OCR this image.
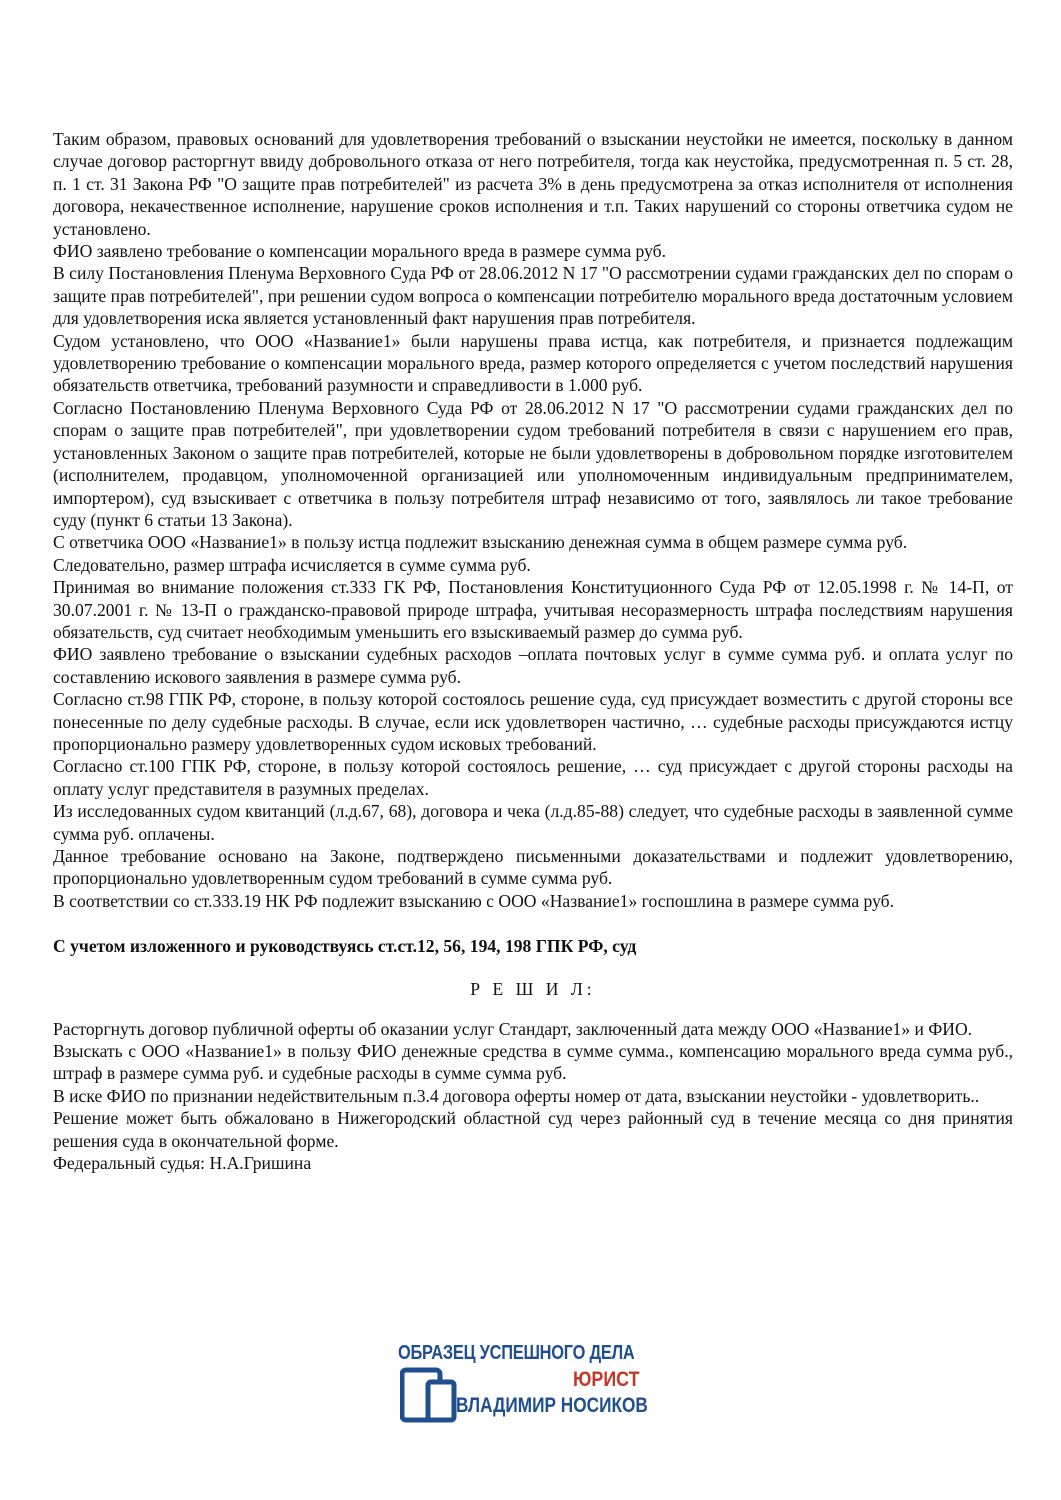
Таким образом, правовых оснований для удовлетворения требований о взыскании неустойки не имеется, поскольку в данном случае договор расторгнут ввиду добровольного отказа от него потребителя, тогда как неустойка, предусмотренная п. 5 ст. 28, п. 1 ст. 31 Закона РФ "О защите прав потребителей" из расчета 3% в день предусмотрена за отказ исполнителя от исполнения договора, некачественное исполнение, нарушение сроков исполнения и т.п. Таких нарушений со стороны ответчика судом не установлено.

ФИО заявлено требование о компенсации морального вреда в размере сумма руб.

В силу Постановления Пленума Верховного Суда РФ от 28.06.2012 N 17 "О рассмотрении судами гражданских дел по спорам о защите прав потребителей", при решении судом вопроса о компенсации потребителю морального вреда достаточным условием для удовлетворения иска является установленный факт нарушения прав потребителя.

Судом установлено, что ООО «Название1» были нарушены права истца, как потребителя, и признается подлежащим удовлетворению требование о компенсации морального вреда, размер которого определяется с учетом последствий нарушения обязательств ответчика, требований разумности и справедливости в 1.000 руб.

Согласно Постановлению Пленума Верховного Суда РФ от 28.06.2012 N 17 "О рассмотрении судами гражданских дел по спорам о защите прав потребителей", при удовлетворении судом требований потребителя в связи с нарушением его прав, установленных Законом о защите прав потребителей, которые не были удовлетворены в добровольном порядке изготовителем (исполнителем, продавцом, уполномоченной организацией или уполномоченным индивидуальным предпринимателем, импортером), суд взыскивает с ответчика в пользу потребителя штраф независимо от того, заявлялось ли такое требование суду (пункт 6 статьи 13 Закона).

С ответчика ООО «Название1» в пользу истца подлежит взысканию денежная сумма в общем размере сумма руб.

Следовательно, размер штрафа исчисляется в сумме сумма руб.

Принимая во внимание положения ст.333 ГК РФ, Постановления Конституционного Суда РФ от 12.05.1998 г. № 14-П, от 30.07.2001 г. № 13-П о гражданско-правовой природе штрафа, учитывая несоразмерность штрафа последствиям нарушения обязательств, суд считает необходимым уменьшить его взыскиваемый размер до сумма руб.

ФИО заявлено требование о взыскании судебных расходов –оплата почтовых услуг в сумме сумма руб. и оплата услуг по составлению искового заявления в размере сумма руб.

Согласно ст.98 ГПК РФ, стороне, в пользу которой состоялось решение суда, суд присуждает возместить с другой стороны все понесенные по делу судебные расходы. В случае, если иск удовлетворен частично, … судебные расходы присуждаются истцу пропорционально размеру удовлетворенных судом исковых требований.

Согласно ст.100 ГПК РФ, стороне, в пользу которой состоялось решение, … суд присуждает с другой стороны расходы на оплату услуг представителя в разумных пределах.

Из исследованных судом квитанций (л.д.67, 68), договора и чека (л.д.85-88) следует, что судебные расходы в заявленной сумме сумма руб. оплачены.

Данное требование основано на Законе, подтверждено письменными доказательствами и подлежит удовлетворению, пропорционально удовлетворенным судом требований в сумме сумма руб.

В соответствии со ст.333.19 НК РФ подлежит взысканию с ООО «Название1» госпошлина в размере сумма руб.

С учетом изложенного и руководствуясь ст.ст.12, 56, 194, 198 ГПК РФ, суд

Р Е Ш И Л:

Расторгнуть договор публичной оферты об оказании услуг Стандарт, заключенный дата между ООО «Название1» и ФИО.

Взыскать с ООО «Название1» в пользу ФИО денежные средства в сумме сумма., компенсацию морального вреда сумма руб., штраф в размере сумма руб. и судебные расходы в сумме сумма руб.

В иске ФИО по признании недействительным п.3.4 договора оферты номер от дата, взыскании неустойки - удовлетворить..

Решение может быть обжаловано в Нижегородский областной суд через районный суд в течение месяца со дня принятия решения суда в окончательной форме.

Федеральный судья: Н.А.Гришина

ОБРАЗЕЦ УСПЕШНОГО ДЕЛА
ЮРИСТ
ВЛАДИМИР НОСИКОВ
